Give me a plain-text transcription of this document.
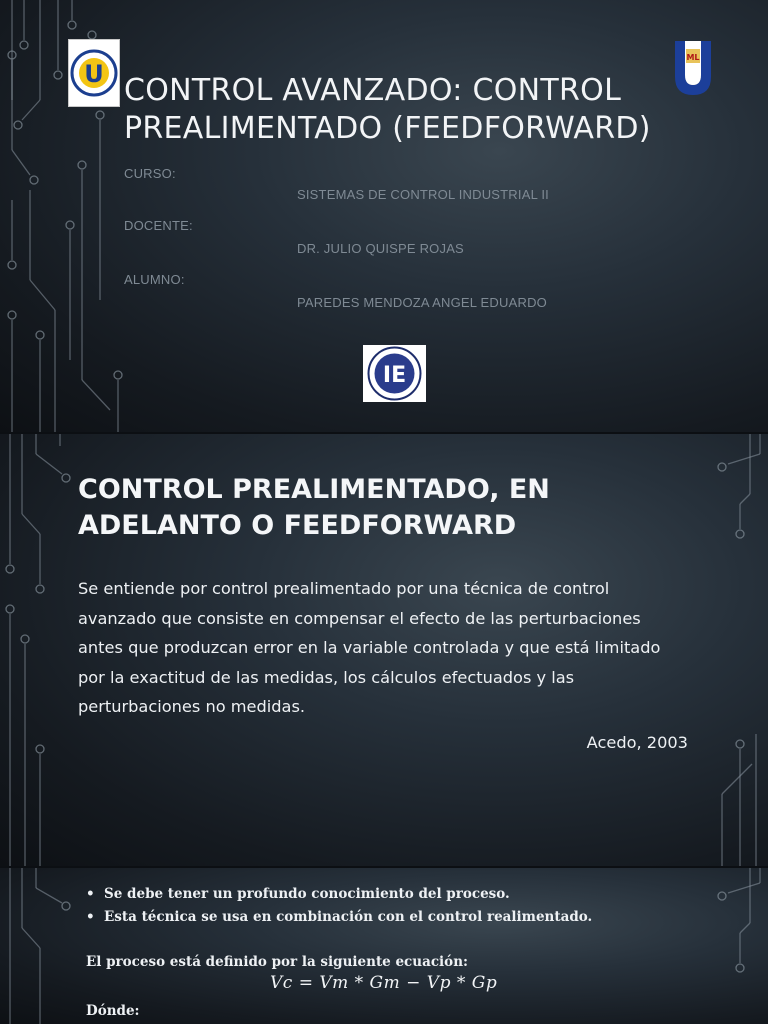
U
ML
CONTROL AVANZADO: CONTROL PREALIMENTADO (FEEDFORWARD)
CURSO:
SISTEMAS DE CONTROL INDUSTRIAL II
DOCENTE:
DR. JULIO QUISPE ROJAS
ALUMNO:
PAREDES MENDOZA ANGEL EDUARDO
IE
CONTROL PREALIMENTADO, EN ADELANTO O FEEDFORWARD
Se entiende por control prealimentado por una técnica de control avanzado que consiste en compensar el efecto de las perturbaciones antes que produzcan error en la variable controlada y que está limitado por la exactitud de las medidas, los cálculos efectuados y las perturbaciones no medidas.
Acedo, 2003
• Se debe tener un profundo conocimiento del proceso.
• Esta técnica se usa en combinación con el control realimentado.
El proceso está definido por la siguiente ecuación:
Vc = Vm * Gm − Vp * Gp
Dónde:
